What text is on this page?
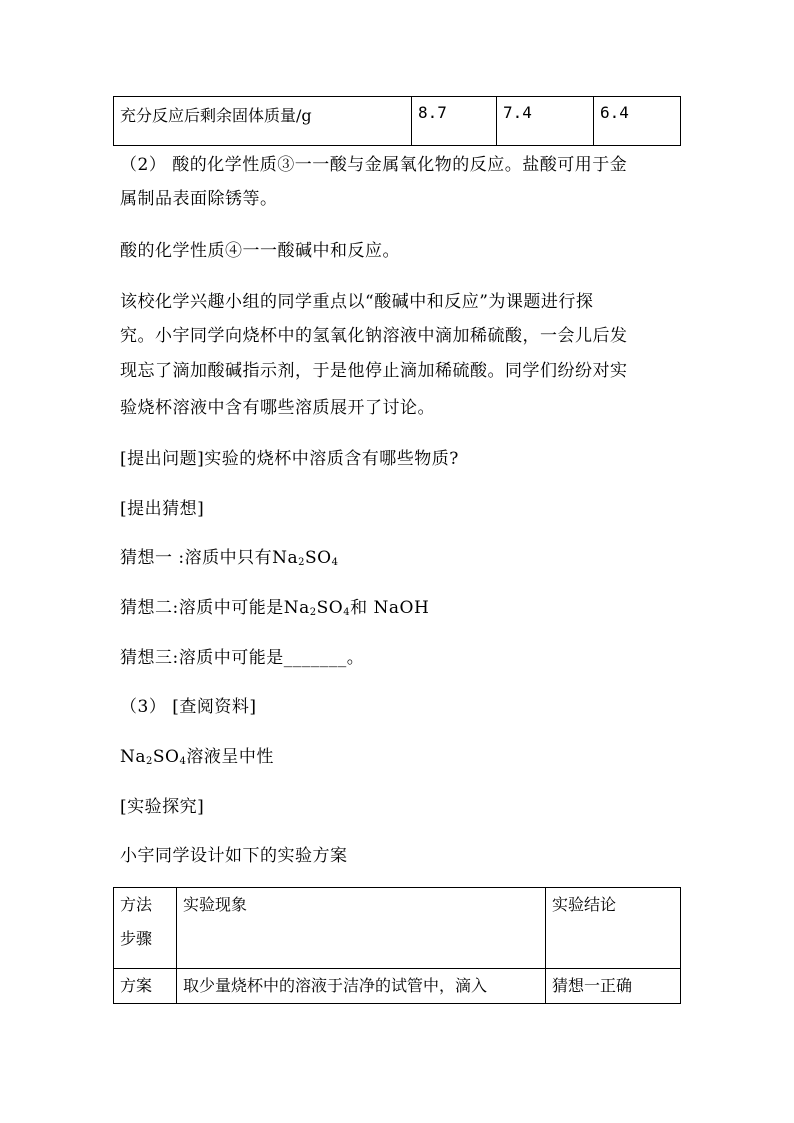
充分反应后剩余固体质量/g	8.7	7.4	6.4
（2） 酸的化学性质③一一酸与金属氧化物的反应。盐酸可用于金
属制品表面除锈等。
酸的化学性质④一一酸碱中和反应。
该校化学兴趣小组的同学重点以“酸碱中和反应”为课题进行探
究。小宇同学向烧杯中的氢氧化钠溶液中滴加稀硫酸，一会儿后发
现忘了滴加酸碱指示剂，于是他停止滴加稀硫酸。同学们纷纷对实
验烧杯溶液中含有哪些溶质展开了讨论。
[提出问题]实验的烧杯中溶质含有哪些物质?
[提出猜想]
猜想一 :溶质中只有$Na_2SO_4$
猜想二:溶质中可能是$Na_2SO_4$和 NaOH
猜想三:溶质中可能是_______。
（3） [查阅资料]
$Na_2SO_4$溶液呈中性
[实验探究]
小宇同学设计如下的实验方案
方法
步骤	实验现象	实验结论
方案	取少量烧杯中的溶液于洁净的试管中，滴入	猜想一正确
